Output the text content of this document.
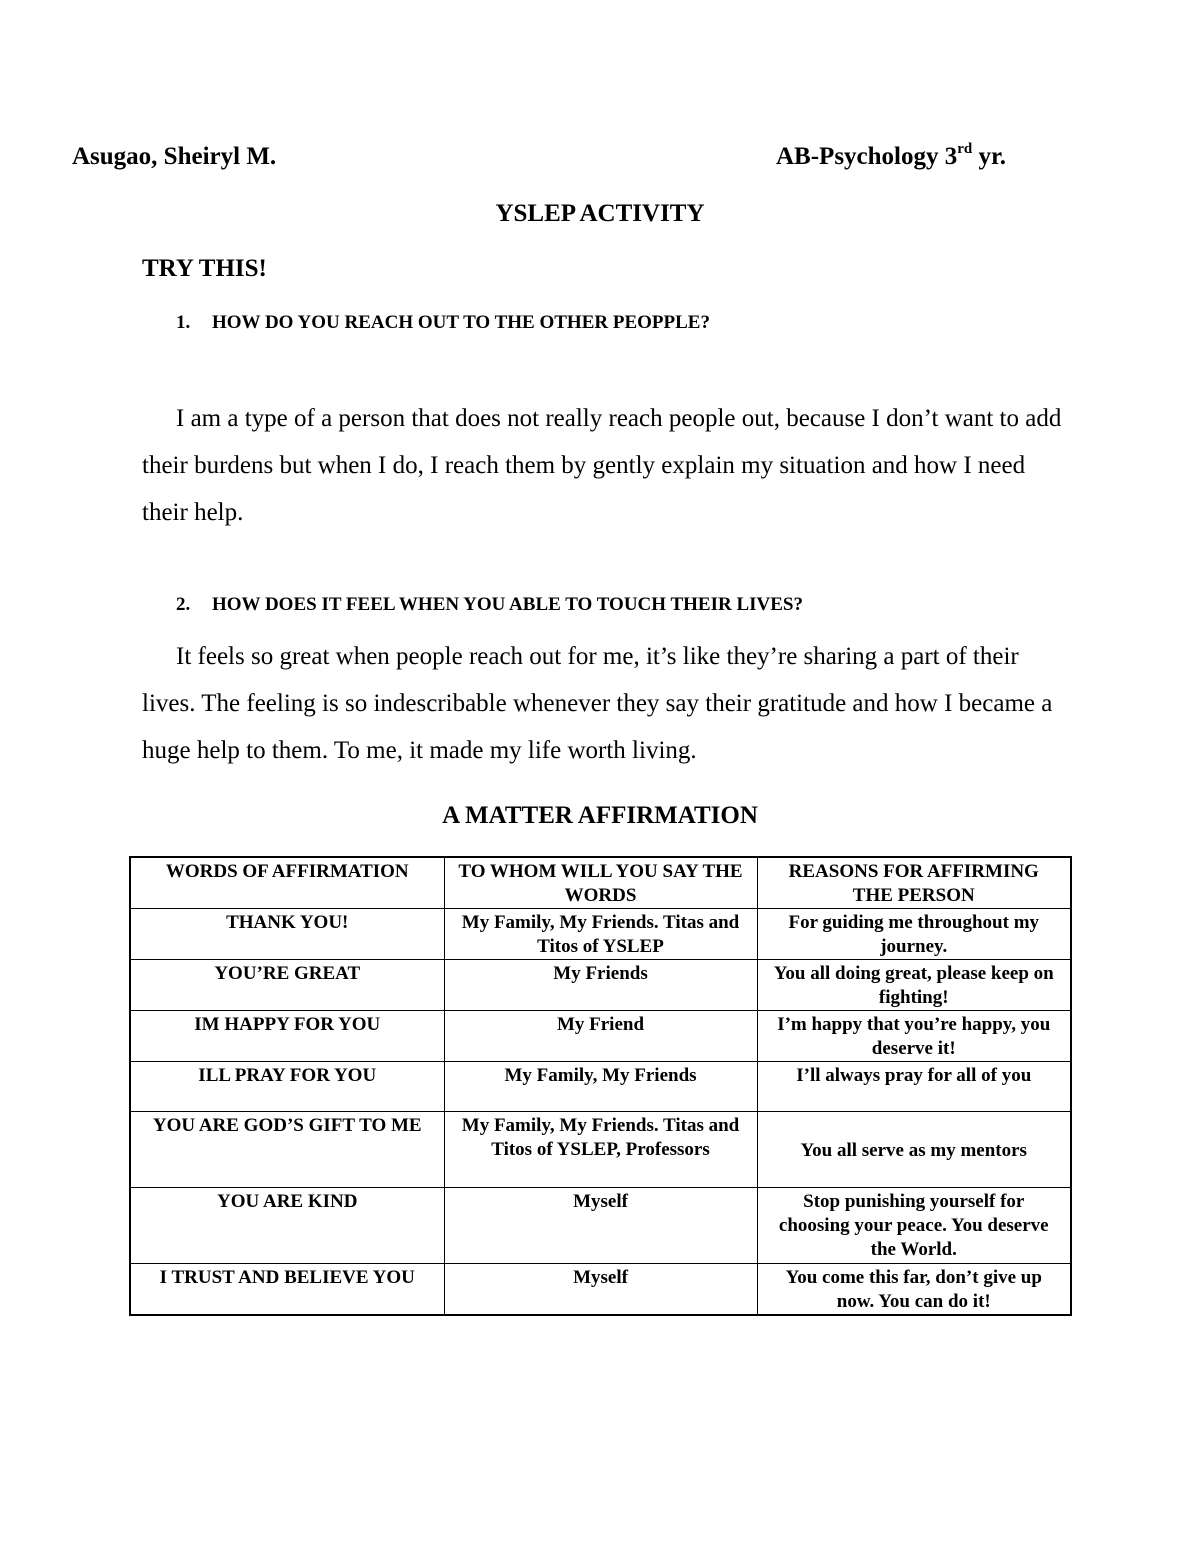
Asugao, Sheiryl M.	AB-Psychology 3rd yr.
YSLEP ACTIVITY
TRY THIS!
1. HOW DO YOU REACH OUT TO THE OTHER PEOPPLE?

I am a type of a person that does not really reach people out, because I don’t want to add their burdens but when I do, I reach them by gently explain my situation and how I need their help.

2. HOW DOES IT FEEL WHEN YOU ABLE TO TOUCH THEIR LIVES?

It feels so great when people reach out for me, it’s like they’re sharing a part of their lives. The feeling is so indescribable whenever they say their gratitude and how I became a huge help to them. To me, it made my life worth living.

A MATTER AFFIRMATION
WORDS OF AFFIRMATION	TO WHOM WILL YOU SAY THE WORDS	REASONS FOR AFFIRMING THE PERSON
THANK YOU!	My Family, My Friends. Titas and Titos of YSLEP	For guiding me throughout my journey.
YOU’RE GREAT	My Friends	You all doing great, please keep on fighting!
IM HAPPY FOR YOU	My Friend	I’m happy that you’re happy, you deserve it!
ILL PRAY FOR YOU	My Family, My Friends	I’ll always pray for all of you
YOU ARE GOD’S GIFT TO ME	My Family, My Friends. Titas and Titos of YSLEP, Professors	You all serve as my mentors
YOU ARE KIND	Myself	Stop punishing yourself for choosing your peace. You deserve the World.
I TRUST AND BELIEVE YOU	Myself	You come this far, don’t give up now. You can do it!
